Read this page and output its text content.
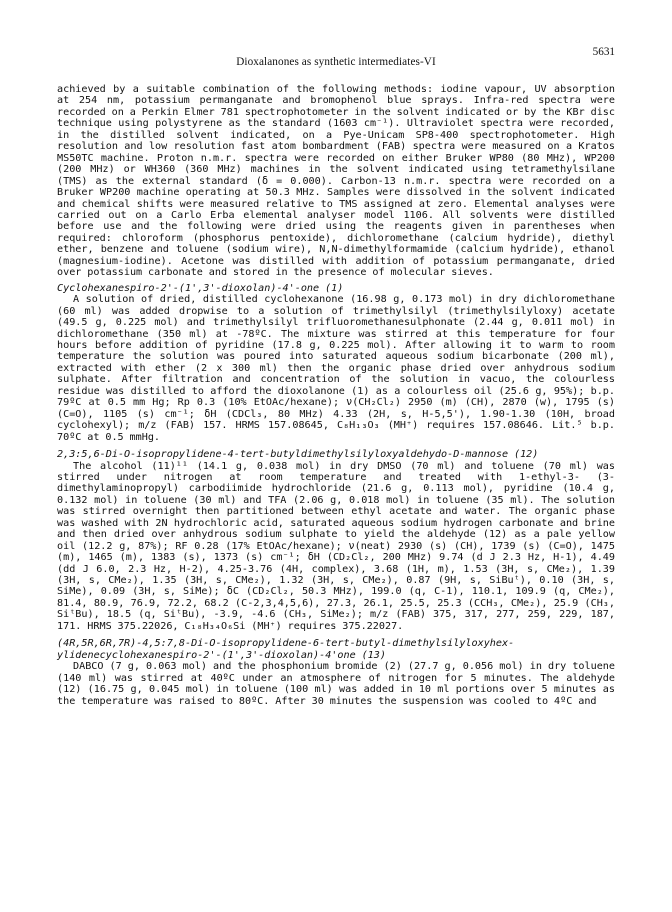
Dioxalanones as synthetic intermediates-VI
5631

achieved by a suitable combination of the following methods: iodine vapour, UV absorption at 254 nm, potassium permanganate and bromophenol blue sprays. Infra-red spectra were recorded on a Perkin Elmer 781 spectrophotometer in the solvent indicated or by the KBr disc technique using polystyrene as the standard (1603 cm⁻¹). Ultraviolet spectra were recorded, in the distilled solvent indicated, on a Pye-Unicam SP8-400 spectrophotometer. High resolution and low resolution fast atom bombardment (FAB) spectra were measured on a Kratos MS50TC machine. Proton n.m.r. spectra were recorded on either Bruker WP80 (80 MHz), WP200 (200 MHz) or WH360 (360 MHz) machines in the solvent indicated using tetramethylsilane (TMS) as the external standard (δ = 0.000). Carbon-13 n.m.r. spectra were recorded on a Bruker WP200 machine operating at 50.3 MHz. Samples were dissolved in the solvent indicated and chemical shifts were measured relative to TMS assigned at zero. Elemental analyses were carried out on a Carlo Erba elemental analyser model 1106. All solvents were distilled before use and the following were dried using the reagents given in parentheses when required: chloroform (phosphorus pentoxide), dichloromethane (calcium hydride), diethyl ether, benzene and toluene (sodium wire), N,N-dimethylformamide (calcium hydride), ethanol (magnesium-iodine). Acetone was distilled with addition of potassium permanganate, dried over potassium carbonate and stored in the presence of molecular sieves.

Cyclohexanespiro-2'-(1',3'-dioxolan)-4'-one (1)

A solution of dried, distilled cyclohexanone (16.98 g, 0.173 mol) in dry dichloromethane (60 ml) was added dropwise to a solution of trimethylsilyl (trimethylsilyloxy) acetate (49.5 g, 0.225 mol) and trimethylsilyl trifluoromethanesulphonate (2.44 g, 0.011 mol) in dichloromethane (350 ml) at -78ºC. The mixture was stirred at this temperature for four hours before addition of pyridine (17.8 g, 0.225 mol). After allowing it to warm to room temperature the solution was poured into saturated aqueous sodium bicarbonate (200 ml), extracted with ether (2 x 300 ml) then the organic phase dried over anhydrous sodium sulphate. After filtration and concentration of the solution in vacuo, the colourless residue was distilled to afford the dioxolanone (1) as a colourless oil (25.6 g, 95%); b.p. 79ºC at 0.5 mm Hg; Rp 0.3 (10% EtOAc/hexane); ν(CH₂Cl₂) 2950 (m) (CH), 2870 (w), 1795 (s) (C=O), 1105 (s) cm⁻¹; δH (CDCl₃, 80 MHz) 4.33 (2H, s, H-5,5'), 1.90-1.30 (10H, broad cyclohexyl); m/z (FAB) 157. HRMS 157.08645, C₈H₁₃O₃ (MH⁺) requires 157.08646. Lit.⁵ b.p. 70ºC at 0.5 mmHg.

2,3:5,6-Di-O-isopropylidene-4-tert-butyldimethylsilyloxyaldehydo-D-mannose (12)

The alcohol (11)¹¹ (14.1 g, 0.038 mol) in dry DMSO (70 ml) and toluene (70 ml) was stirred under nitrogen at room temperature and treated with 1-ethyl-3- (3-dimethylaminopropyl) carbodiimide hydrochloride (21.6 g, 0.113 mol), pyridine (10.4 g, 0.132 mol) in toluene (30 ml) and TFA (2.06 g, 0.018 mol) in toluene (35 ml). The solution was stirred overnight then partitioned between ethyl acetate and water. The organic phase was washed with 2N hydrochloric acid, saturated aqueous sodium hydrogen carbonate and brine and then dried over anhydrous sodium sulphate to yield the aldehyde (12) as a pale yellow oil (12.2 g, 87%); RF 0.28 (17% EtOAc/hexane); ν(neat) 2930 (s) (CH), 1739 (s) (C=O), 1475 (m), 1465 (m), 1383 (s), 1373 (s) cm⁻¹; δH (CD₂Cl₂, 200 MHz) 9.74 (d J 2.3 Hz, H-1), 4.49 (dd J 6.0, 2.3 Hz, H-2), 4.25-3.76 (4H, complex), 3.68 (1H, m), 1.53 (3H, s, CMe₂), 1.39 (3H, s, CMe₂), 1.35 (3H, s, CMe₂), 1.32 (3H, s, CMe₂), 0.87 (9H, s, SiBuᵗ), 0.10 (3H, s, SiMe), 0.09 (3H, s, SiMe); δC (CD₂Cl₂, 50.3 MHz), 199.0 (q, C-1), 110.1, 109.9 (q, CMe₂), 81.4, 80.9, 76.9, 72.2, 68.2 (C-2,3,4,5,6), 27.3, 26.1, 25.5, 25.3 (CCH₃, CMe₂), 25.9 (CH₃, SiᵗBu), 18.5 (q, SiᵗBu), -3.9, -4.6 (CH₃, SiMe₂); m/z (FAB) 375, 317, 277, 259, 229, 187, 171. HRMS 375.22026, C₁₈H₃₄O₆Si (MH⁺) requires 375.22027.

(4R,5R,6R,7R)-4,5:7,8-Di-O-isopropylidene-6-tert-butyl-dimethylsilyloxyhex-ylidenecyclohexanespiro-2'-(1',3'-dioxolan)-4'one (13)

DABCO (7 g, 0.063 mol) and the phosphonium bromide (2) (27.7 g, 0.056 mol) in dry toluene (140 ml) was stirred at 40ºC under an atmosphere of nitrogen for 5 minutes. The aldehyde (12) (16.75 g, 0.045 mol) in toluene (100 ml) was added in 10 ml portions over 5 minutes as the temperature was raised to 80ºC. After 30 minutes the suspension was cooled to 4ºC and
